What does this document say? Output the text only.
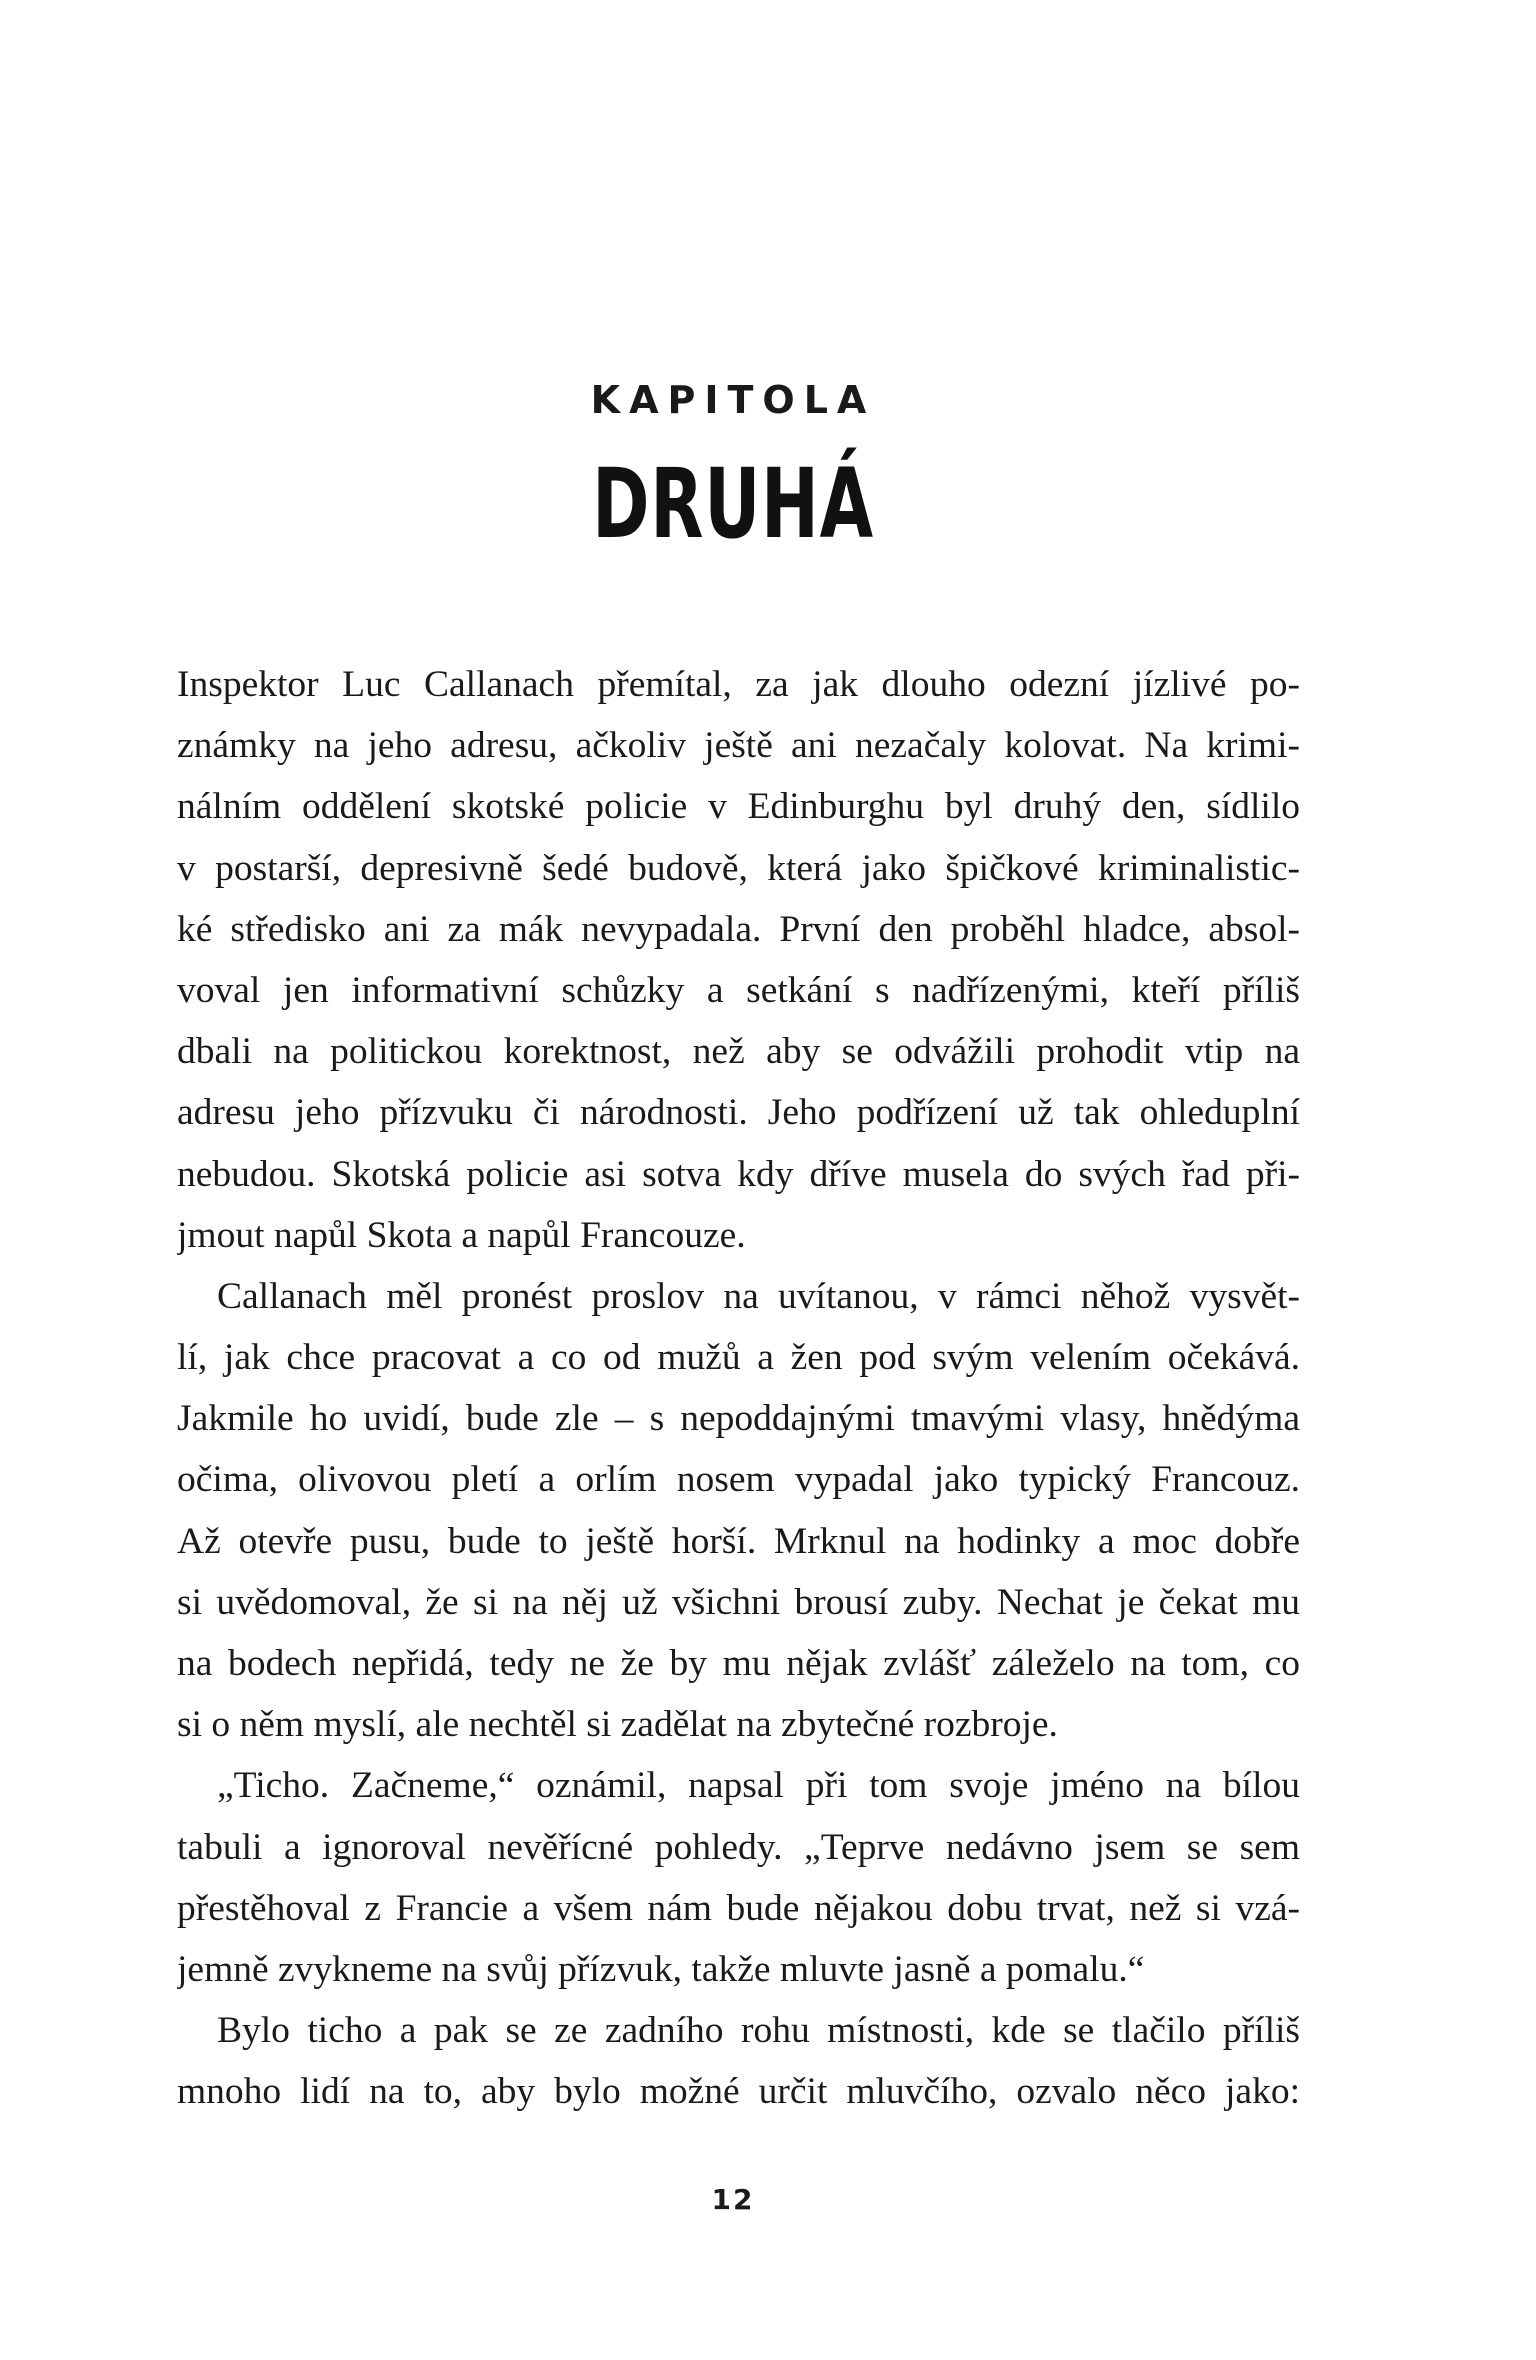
KAPITOLA
DRUHÁ
Inspektor Luc Callanach přemítal, za jak dlouho odezní jízlivé po-
známky na jeho adresu, ačkoliv ještě ani nezačaly kolovat. Na krimi-
nálním oddělení skotské policie v Edinburghu byl druhý den, sídlilo
v postarší, depresivně šedé budově, která jako špičkové kriminalistic-
ké středisko ani za mák nevypadala. První den proběhl hladce, absol-
voval jen informativní schůzky a setkání s nadřízenými, kteří příliš
dbali na politickou korektnost, než aby se odvážili prohodit vtip na
adresu jeho přízvuku či národnosti. Jeho podřízení už tak ohleduplní
nebudou. Skotská policie asi sotva kdy dříve musela do svých řad při-
jmout napůl Skota a napůl Francouze.
Callanach měl pronést proslov na uvítanou, v rámci něhož vysvět-
lí, jak chce pracovat a co od mužů a žen pod svým velením očekává.
Jakmile ho uvidí, bude zle – s nepoddajnými tmavými vlasy, hnědýma
očima, olivovou pletí a orlím nosem vypadal jako typický Francouz.
Až otevře pusu, bude to ještě horší. Mrknul na hodinky a moc dobře
si uvědomoval, že si na něj už všichni brousí zuby. Nechat je čekat mu
na bodech nepřidá, tedy ne že by mu nějak zvlášť záleželo na tom, co
si o něm myslí, ale nechtěl si zadělat na zbytečné rozbroje.
„Ticho. Začneme,“ oznámil, napsal při tom svoje jméno na bílou
tabuli a ignoroval nevěřícné pohledy. „Teprve nedávno jsem se sem
přestěhoval z Francie a všem nám bude nějakou dobu trvat, než si vzá-
jemně zvykneme na svůj přízvuk, takže mluvte jasně a pomalu.“
Bylo ticho a pak se ze zadního rohu místnosti, kde se tlačilo příliš
mnoho lidí na to, aby bylo možné určit mluvčího, ozvalo něco jako:
12
